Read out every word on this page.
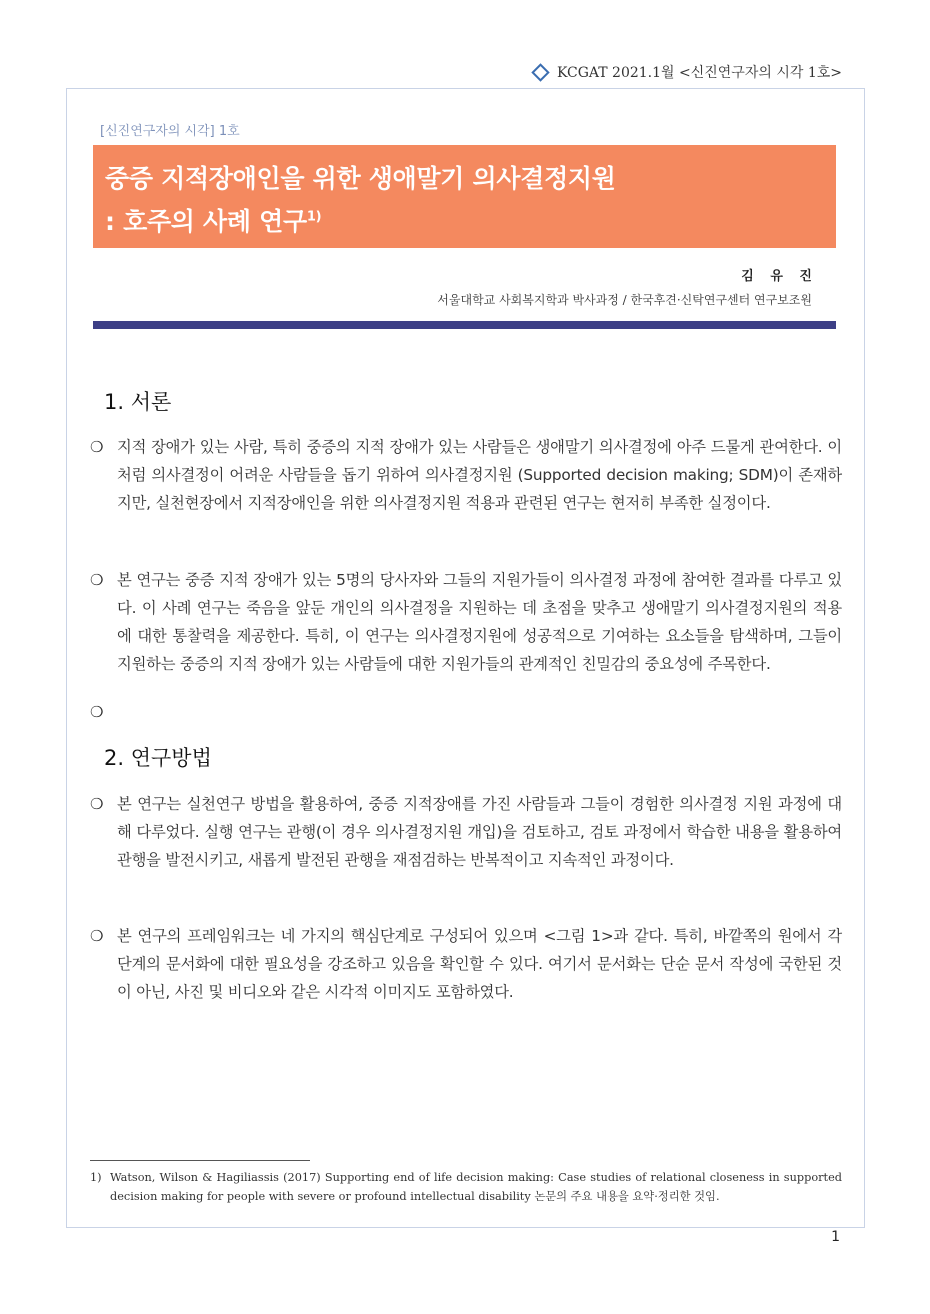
KCGAT 2021.1월 <신진연구자의 시각 1호>
[신진연구자의 시각] 1호
중증 지적장애인을 위한 생애말기 의사결정지원
: 호주의 사례 연구$^{1)}$
김 유 진
서울대학교 사회복지학과 박사과정 / 한국후견·신탁연구센터 연구보조원
1. 서론
❍ 지적 장애가 있는 사람, 특히 중증의 지적 장애가 있는 사람들은 생애말기 의사결정에 아주 드물게 관여한다. 이처럼 의사결정이 어려운 사람들을 돕기 위하여 의사결정지원 (Supported decision making; SDM)이 존재하지만, 실천현장에서 지적장애인을 위한 의사결정지원 적용과 관련된 연구는 현저히 부족한 실정이다.
❍ 본 연구는 중증 지적 장애가 있는 5명의 당사자와 그들의 지원가들이 의사결정 과정에 참여한 결과를 다루고 있다. 이 사례 연구는 죽음을 앞둔 개인의 의사결정을 지원하는 데 초점을 맞추고 생애말기 의사결정지원의 적용에 대한 통찰력을 제공한다. 특히, 이 연구는 의사결정지원에 성공적으로 기여하는 요소들을 탐색하며, 그들이 지원하는 중증의 지적 장애가 있는 사람들에 대한 지원가들의 관계적인 친밀감의 중요성에 주목한다.
❍
2. 연구방법
❍ 본 연구는 실천연구 방법을 활용하여, 중증 지적장애를 가진 사람들과 그들이 경험한 의사결정 지원 과정에 대해 다루었다. 실행 연구는 관행(이 경우 의사결정지원 개입)을 검토하고, 검토 과정에서 학습한 내용을 활용하여 관행을 발전시키고, 새롭게 발전된 관행을 재점검하는 반복적이고 지속적인 과정이다.
❍ 본 연구의 프레임워크는 네 가지의 핵심단계로 구성되어 있으며 <그림 1>과 같다. 특히, 바깥쪽의 원에서 각 단계의 문서화에 대한 필요성을 강조하고 있음을 확인할 수 있다. 여기서 문서화는 단순 문서 작성에 국한된 것이 아닌, 사진 및 비디오와 같은 시각적 이미지도 포함하였다.
1) Watson, Wilson & Hagiliassis (2017) Supporting end of life decision making: Case studies of relational closeness in supported decision making for people with severe or profound intellectual disability 논문의 주요 내용을 요약·정리한 것임.
1
